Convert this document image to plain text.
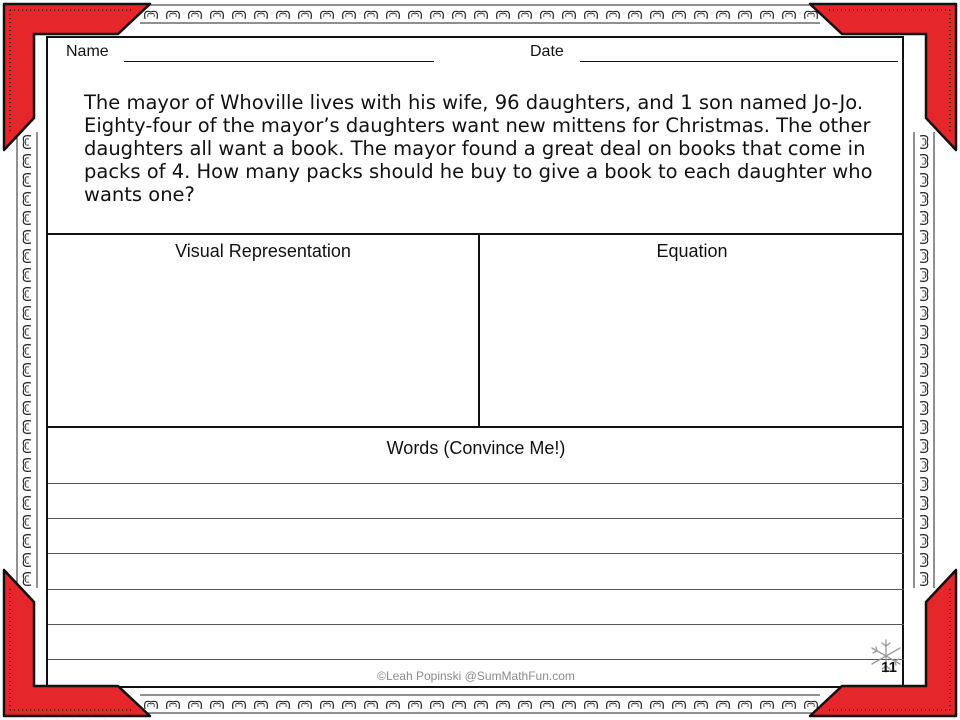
Name	Date

The mayor of Whoville lives with his wife, 96 daughters, and 1 son named Jo-Jo. Eighty-four of the mayor’s daughters want new mittens for Christmas. The other daughters all want a book. The mayor found a great deal on books that come in packs of 4. How many packs should he buy to give a book to each daughter who wants one?

Visual Representation	Equation
Words (Convince Me!)
11
©Leah Popinski @SumMathFun.com
